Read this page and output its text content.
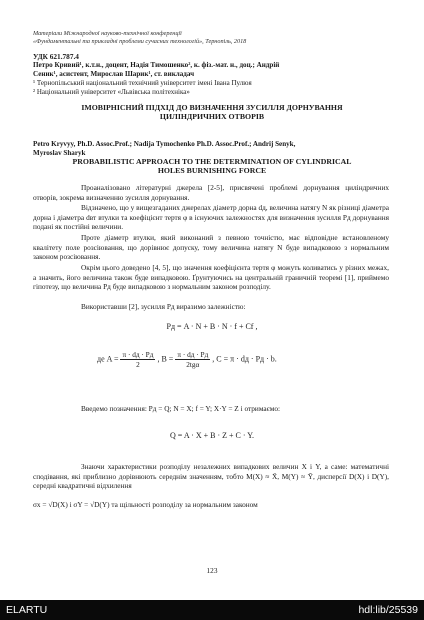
Матеріали Міжнародної науково-технічної конференції
«Фундаментальні та прикладні проблеми сучасних технологій», Тернопіль, 2018
УДК 621.787.4
Петро Кривий¹, к.т.н., доцент, Надія Тимошенко², к. фіз.-мат. н., доц.; Андрій
Сеник¹, асистент, Мирослав Шарик¹, ст. викладач
¹ Тернопільський національний технічний університет імені Івана Пулюя
² Національний університет «Львівська політехніка»
ІМОВІРНІСНИЙ ПІДХІД ДО ВИЗНАЧЕННЯ ЗУСИЛЛЯ ДОРНУВАННЯ
ЦИЛІНДРИЧНИХ ОТВОРІВ
Petro Kryvyy, Ph.D. Assoc.Prof.; Nadija Tymochenko Ph.D. Assoc.Prof.; Andrij Senyk,
Myroslav Sharyk
PROBABILISTIC APPROACH TO THE DETERMINATION OF CYLINDRICAL
HOLES BURNISHING FORCE
Проаналізовано літературні джерела [2-5], присвячені проблемі дорнування циліндричних отворів, зокрема визначенню зусилля дорнування.
Відзначено, що у вищезгаданих джерелах діаметр дорна dд, величина натягу N як різниці діаметра дорна і діаметра dвт втулки та коефіцієнт тертя φ в існуючих залежностях для визначення зусилля Pд дорнування подані як постійні величини.
Проте діаметр втулки, який виконаний з певною точністю, має відповідне встановленому квалітету поле розсіювання, що дорівнює допуску, тому величина натягу N буде випадковою з нормальним законом розсіювання.
Окрім цього доведено [4, 5], що значення коефіцієнта тертя φ можуть коливатись у різних межах, а значить, його величина також буде випадковою. Ґрунтуючись на центральній граничній теоремі [1], приймемо гіпотезу, що величина Pд буде випадковою з нормальним законом розподілу.
Використавши [2], зусилля Pд виразимо залежністю:
Pд = A · N + B · N · f + Cf ,
де $A = \frac{\pi \cdot dд \cdot Pд}{2}$ , $B = \frac{\pi \cdot dд \cdot Pд}{\text{2tgα}}$ , C = π · dд · Pд · b.
Введемо позначення: Pд = Q; N = X; f = Y; X·Y = Z і отримаємо:
Q = A · X + B · Z + C · Y.
Знаючи характеристики розподілу незалежних випадкових величин X і Y, а саме: математичні сподівання, які приблизно дорівнюють середнім значенням, тобто M(X) ≈ X̄, M(Y) ≈ Ȳ, дисперсії D(X) і D(Y), середні квадратичні відхилення
σx = √D(X) і σY = √D(Y) та щільності розподілу за нормальним законом
123
ELARTU	hdl:lib/25539
